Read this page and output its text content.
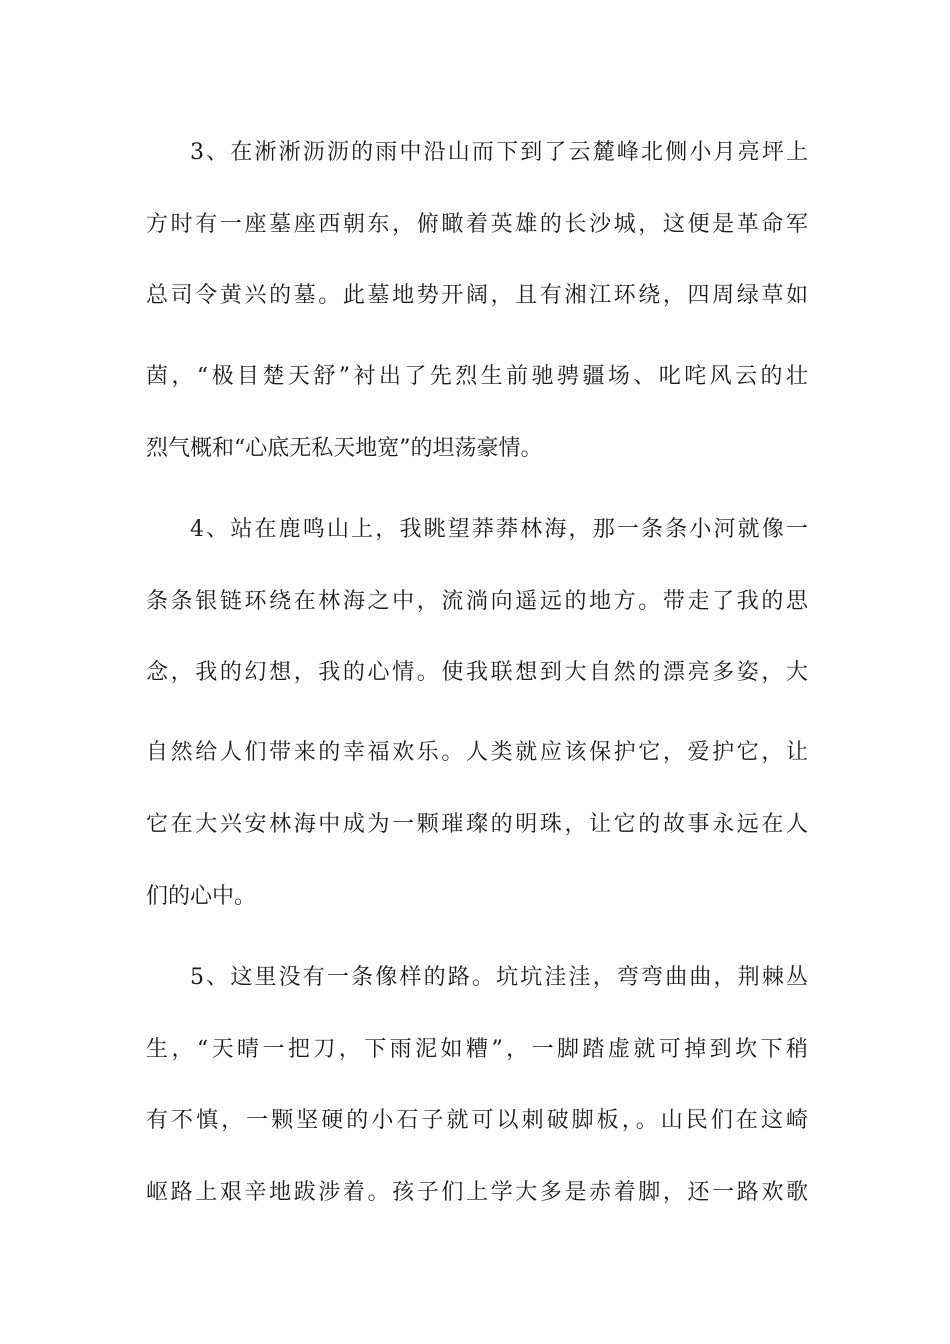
3、在淅淅沥沥的雨中沿山而下到了云麓峰北侧小月亮坪上
方时有一座墓座西朝东，俯瞰着英雄的长沙城，这便是革命军
总司令黄兴的墓。此墓地势开阔，且有湘江环绕，四周绿草如
茵，“极目楚天舒”衬出了先烈生前驰骋疆场、叱咤风云的壮
烈气概和“心底无私天地宽”的坦荡豪情。
4、站在鹿鸣山上，我眺望莽莽林海，那一条条小河就像一
条条银链环绕在林海之中，流淌向遥远的地方。带走了我的思
念，我的幻想，我的心情。使我联想到大自然的漂亮多姿，大
自然给人们带来的幸福欢乐。人类就应该保护它，爱护它，让
它在大兴安林海中成为一颗璀璨的明珠，让它的故事永远在人
们的心中。
5、这里没有一条像样的路。坑坑洼洼，弯弯曲曲，荆棘丛
生，“天晴一把刀，下雨泥如糟”，一脚踏虚就可掉到坎下稍
有不慎，一颗坚硬的小石子就可以刺破脚板，。山民们在这崎
岖路上艰辛地跋涉着。孩子们上学大多是赤着脚，还一路欢歌
